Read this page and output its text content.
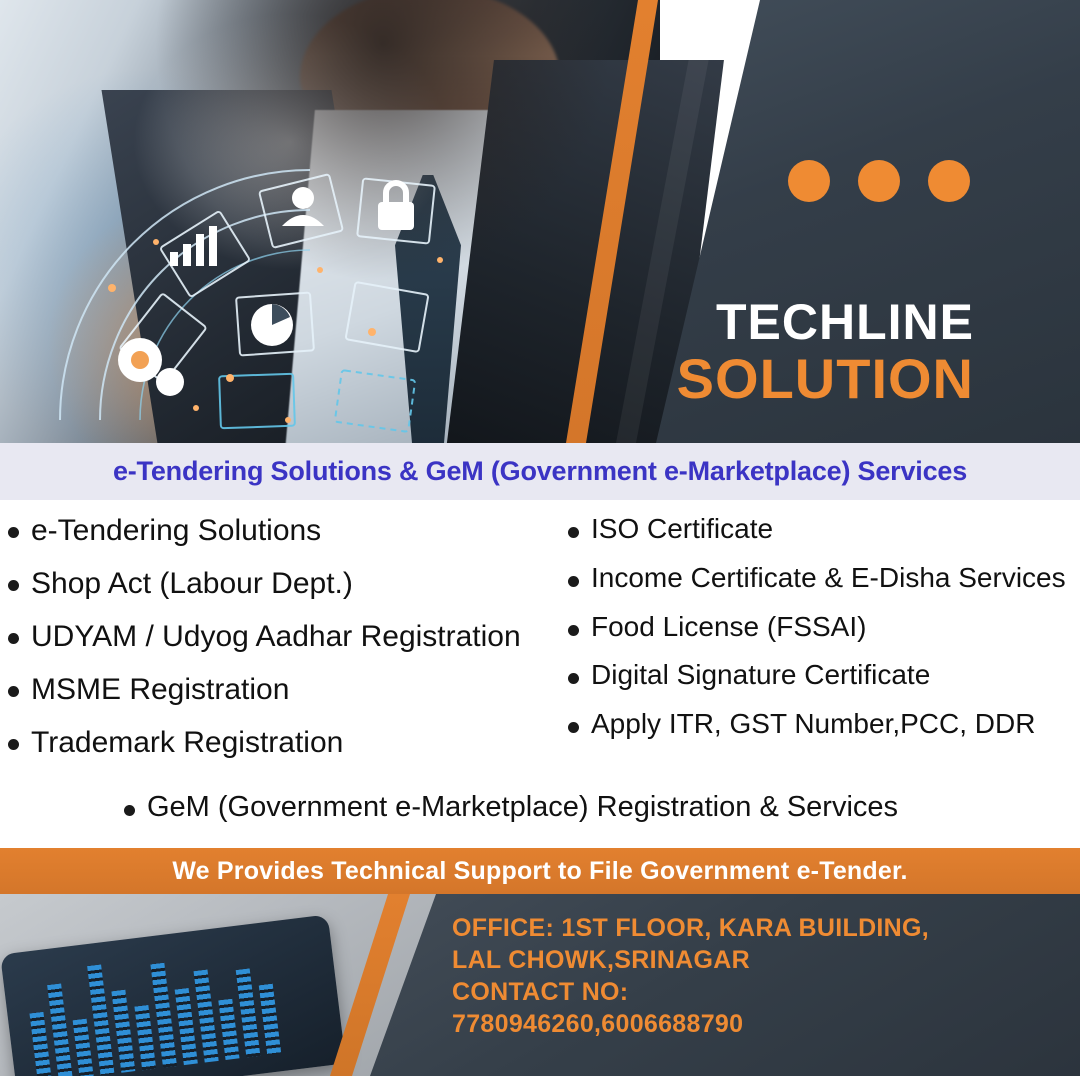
TECHLINE
SOLUTION
e-Tendering Solutions & GeM (Government e-Marketplace) Services
e-Tendering Solutions
Shop Act (Labour Dept.)
UDYAM / Udyog Aadhar Registration
MSME Registration
Trademark Registration
ISO Certificate
Income Certificate & E-Disha Services
Food License (FSSAI)
Digital Signature Certificate
Apply ITR, GST Number,PCC, DDR
GeM (Government e-Marketplace) Registration & Services
We Provides Technical Support to File Government e-Tender.
OFFICE: 1ST FLOOR, KARA BUILDING,
LAL CHOWK,SRINAGAR
CONTACT NO:
7780946260,6006688790
